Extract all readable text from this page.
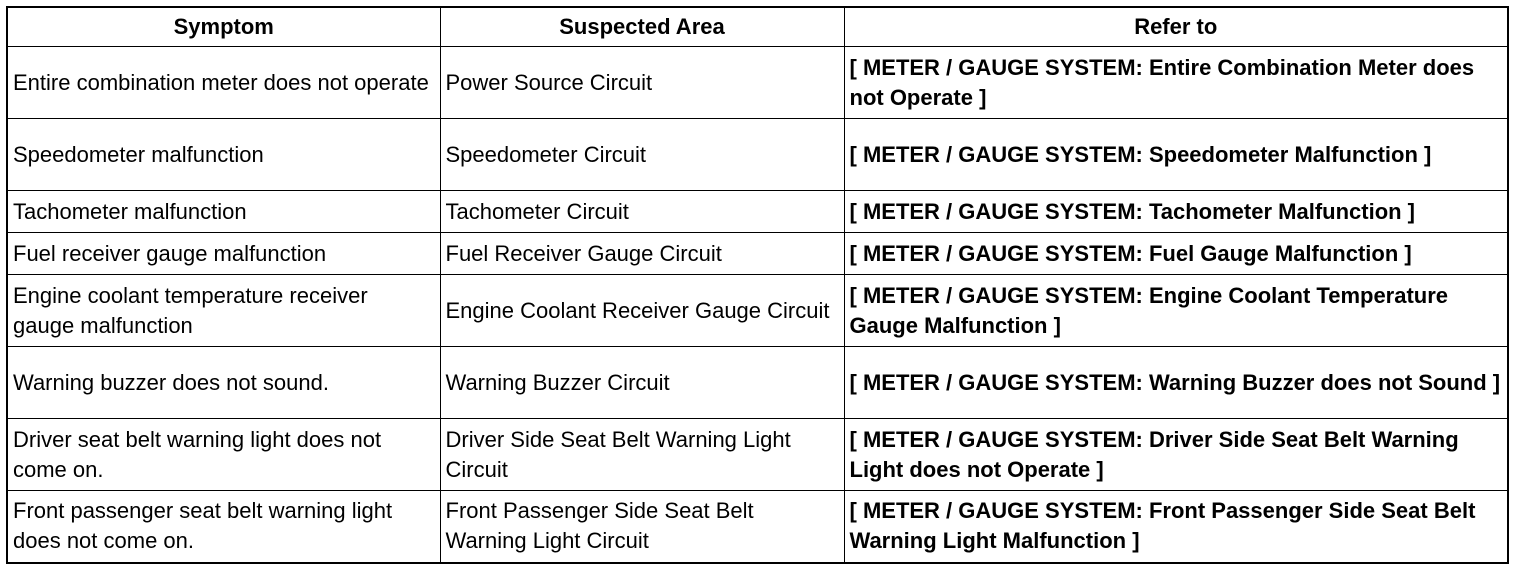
Symptom	Suspected Area	Refer to
Entire combination meter does not operate	Power Source Circuit	[ METER / GAUGE SYSTEM: Entire Combination Meter does not Operate ]
Speedometer malfunction	Speedometer Circuit	[ METER / GAUGE SYSTEM: Speedometer Malfunction ]
Tachometer malfunction	Tachometer Circuit	[ METER / GAUGE SYSTEM: Tachometer Malfunction ]
Fuel receiver gauge malfunction	Fuel Receiver Gauge Circuit	[ METER / GAUGE SYSTEM: Fuel Gauge Malfunction ]
Engine coolant temperature receiver gauge malfunction	Engine Coolant Receiver Gauge Circuit	[ METER / GAUGE SYSTEM: Engine Coolant Temperature Gauge Malfunction ]
Warning buzzer does not sound.	Warning Buzzer Circuit	[ METER / GAUGE SYSTEM: Warning Buzzer does not Sound ]
Driver seat belt warning light does not come on.	Driver Side Seat Belt Warning Light Circuit	[ METER / GAUGE SYSTEM: Driver Side Seat Belt Warning Light does not Operate ]
Front passenger seat belt warning light does not come on.	Front Passenger Side Seat Belt Warning Light Circuit	[ METER / GAUGE SYSTEM: Front Passenger Side Seat Belt Warning Light Malfunction ]
